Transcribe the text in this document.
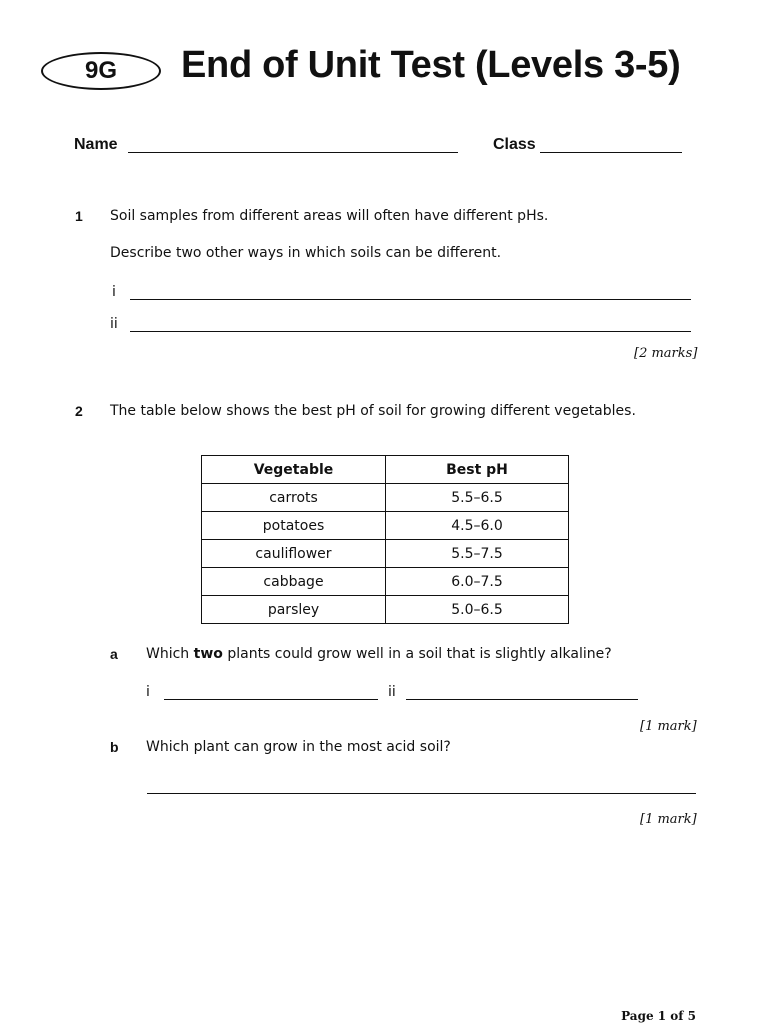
9G End of Unit Test (Levels 3-5)
Name	Class
1 Soil samples from different areas will often have different pHs.
Describe two other ways in which soils can be different.
i
ii
[2 marks]
2 The table below shows the best pH of soil for growing different vegetables.
Vegetable	Best pH
carrots	5.5–6.5
potatoes	4.5–6.0
cauliflower	5.5–7.5
cabbage	6.0–7.5
parsley	5.0–6.5
a Which two plants could grow well in a soil that is slightly alkaline?
i	ii
[1 mark]
b Which plant can grow in the most acid soil?
[1 mark]
Page 1 of 5
